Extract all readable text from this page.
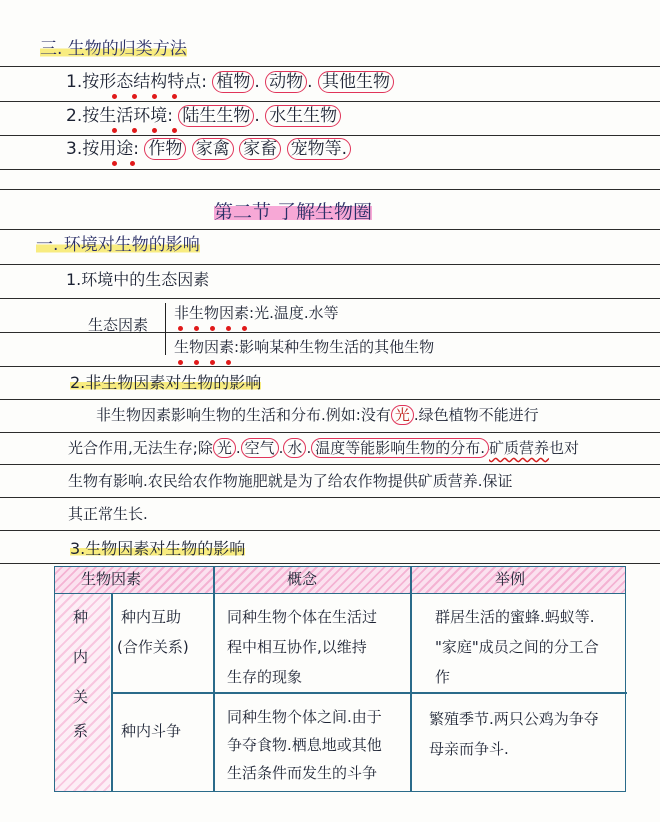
三. 生物的归类方法
1.按形态结构特点: 植物 . 动物 . 其他生物
2.按生活环境: 陆生生物 . 水生生物
3.按用途: 作物 家禽 家畜 宠物等.
第二节 了解生物圈
一. 环境对生物的影响
1.环境中的生态因素
生态因素
非生物因素:光.温度.水等
生物因素:影响某种生物生活的其他生物
2.非生物因素对生物的影响
非生物因素影响生物的生活和分布.例如:没有 光 .绿色植物不能进行
光合作用,无法生存;除 光 . 空气 . 水 . 温度等能影响生物的分布. 矿质营养也对
生物有影响.农民给农作物施肥就是为了给农作物提供矿质营养.保证
其正常生长.
3.生物因素对生物的影响
生物因素	概念	举例
种
内
关
系
种内互助
(合作关系)
同种生物个体在生活过
程中相互协作,以维持
生存的现象
群居生活的蜜蜂.蚂蚁等.
"家庭"成员之间的分工合
作
种内斗争
同种生物个体之间.由于
争夺食物.栖息地或其他
生活条件而发生的斗争
繁殖季节.两只公鸡为争夺
母亲而争斗.
